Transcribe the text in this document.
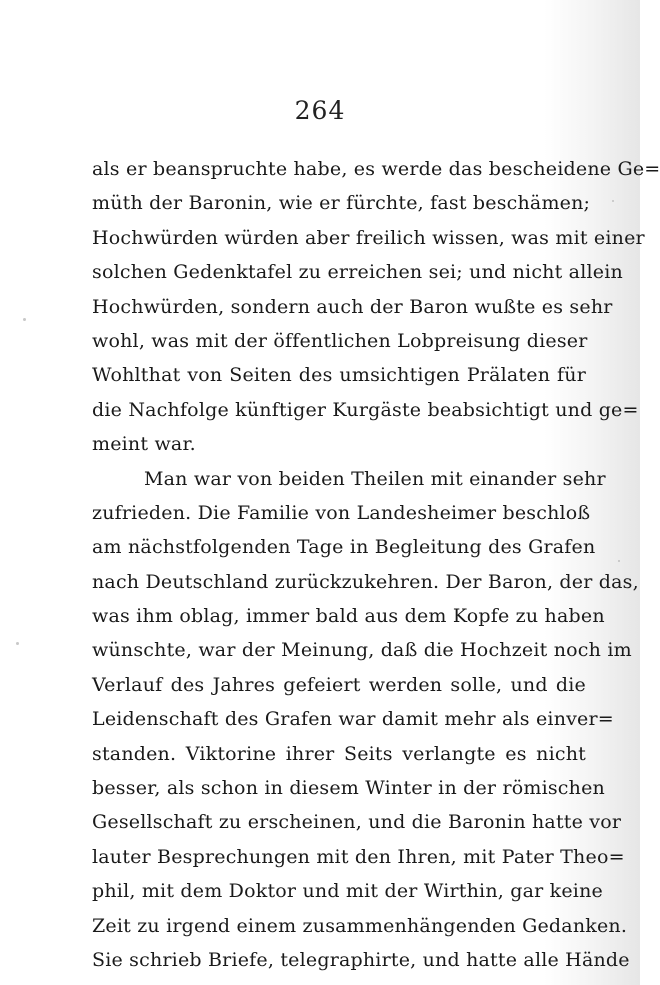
264
als er beanspruchte habe, es werde das bescheidene Ge=
müth der Baronin, wie er fürchte, fast beschämen;
Hochwürden würden aber freilich wissen, was mit einer
solchen Gedenktafel zu erreichen sei; und nicht allein
Hochwürden, sondern auch der Baron wußte es sehr
wohl, was mit der öffentlichen Lobpreisung dieser
Wohlthat von Seiten des umsichtigen Prälaten für
die Nachfolge künftiger Kurgäste beabsichtigt und ge=
meint war.
Man war von beiden Theilen mit einander sehr
zufrieden. Die Familie von Landesheimer beschloß
am nächstfolgenden Tage in Begleitung des Grafen
nach Deutschland zurückzukehren. Der Baron, der das,
was ihm oblag, immer bald aus dem Kopfe zu haben
wünschte, war der Meinung, daß die Hochzeit noch im
Verlauf des Jahres gefeiert werden solle, und die
Leidenschaft des Grafen war damit mehr als einver=
standen. Viktorine ihrer Seits verlangte es nicht
besser, als schon in diesem Winter in der römischen
Gesellschaft zu erscheinen, und die Baronin hatte vor
lauter Besprechungen mit den Ihren, mit Pater Theo=
phil, mit dem Doktor und mit der Wirthin, gar keine
Zeit zu irgend einem zusammenhängenden Gedanken.
Sie schrieb Briefe, telegraphirte, und hatte alle Hände
